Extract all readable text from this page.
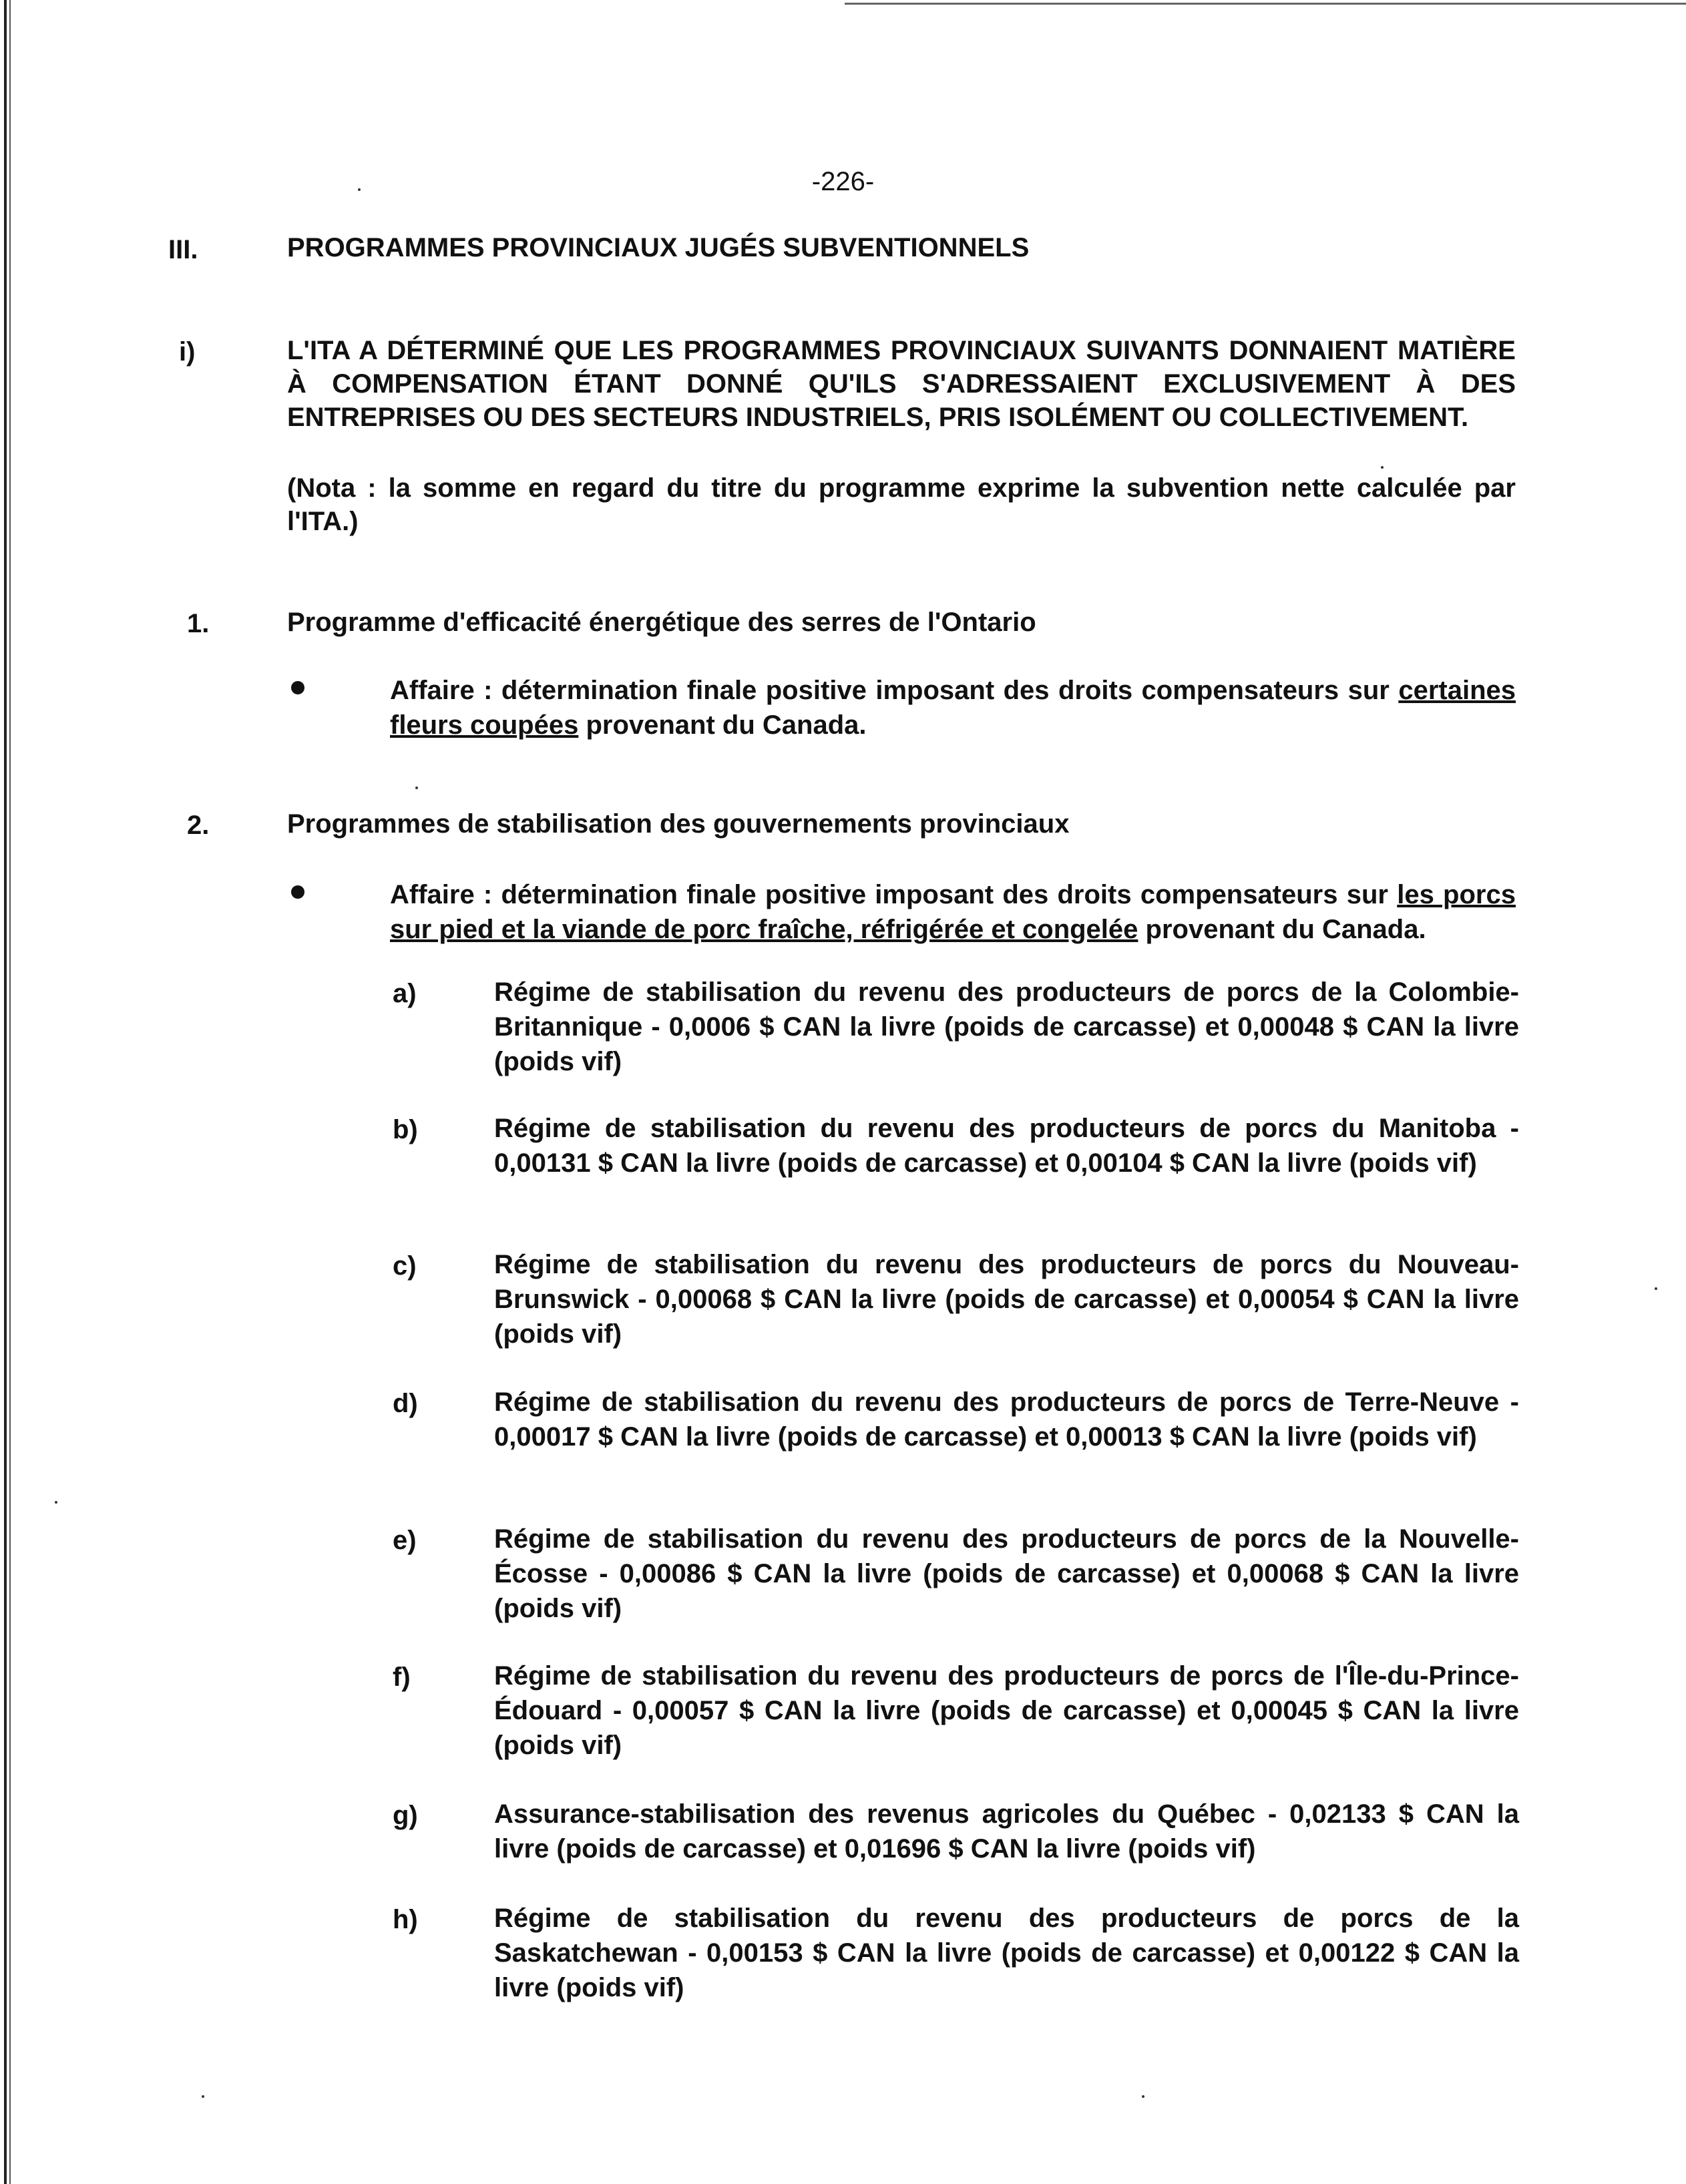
-226-
III.	PROGRAMMES PROVINCIAUX JUGÉS SUBVENTIONNELS
i)	L'ITA A DÉTERMINÉ QUE LES PROGRAMMES PROVINCIAUX SUIVANTS DONNAIENT MATIÈRE À COMPENSATION ÉTANT DONNÉ QU'ILS S'ADRESSAIENT EXCLUSIVEMENT À DES ENTREPRISES OU DES SECTEURS INDUSTRIELS, PRIS ISOLÉMENT OU COLLECTIVEMENT.
(Nota : la somme en regard du titre du programme exprime la subvention nette calculée par l'ITA.)
1.	Programme d'efficacité énergétique des serres de l'Ontario
Affaire : détermination finale positive imposant des droits compensateurs sur certaines fleurs coupées provenant du Canada.
2.	Programmes de stabilisation des gouvernements provinciaux
Affaire : détermination finale positive imposant des droits compensateurs sur les porcs sur pied et la viande de porc fraîche, réfrigérée et congelée provenant du Canada.
a)	Régime de stabilisation du revenu des producteurs de porcs de la Colombie-Britannique - 0,0006 $ CAN la livre (poids de carcasse) et 0,00048 $ CAN la livre (poids vif)
b)	Régime de stabilisation du revenu des producteurs de porcs du Manitoba - 0,00131 $ CAN la livre (poids de carcasse) et 0,00104 $ CAN la livre (poids vif)
c)	Régime de stabilisation du revenu des producteurs de porcs du Nouveau-Brunswick - 0,00068 $ CAN la livre (poids de carcasse) et 0,00054 $ CAN la livre (poids vif)
d)	Régime de stabilisation du revenu des producteurs de porcs de Terre-Neuve - 0,00017 $ CAN la livre (poids de carcasse) et 0,00013 $ CAN la livre (poids vif)
e)	Régime de stabilisation du revenu des producteurs de porcs de la Nouvelle-Écosse - 0,00086 $ CAN la livre (poids de carcasse) et 0,00068 $ CAN la livre (poids vif)
f)	Régime de stabilisation du revenu des producteurs de porcs de l'Île-du-Prince-Édouard - 0,00057 $ CAN la livre (poids de carcasse) et 0,00045 $ CAN la livre (poids vif)
g)	Assurance-stabilisation des revenus agricoles du Québec - 0,02133 $ CAN la livre (poids de carcasse) et 0,01696 $ CAN la livre (poids vif)
h)	Régime de stabilisation du revenu des producteurs de porcs de la Saskatchewan - 0,00153 $ CAN la livre (poids de carcasse) et 0,00122 $ CAN la livre (poids vif)
